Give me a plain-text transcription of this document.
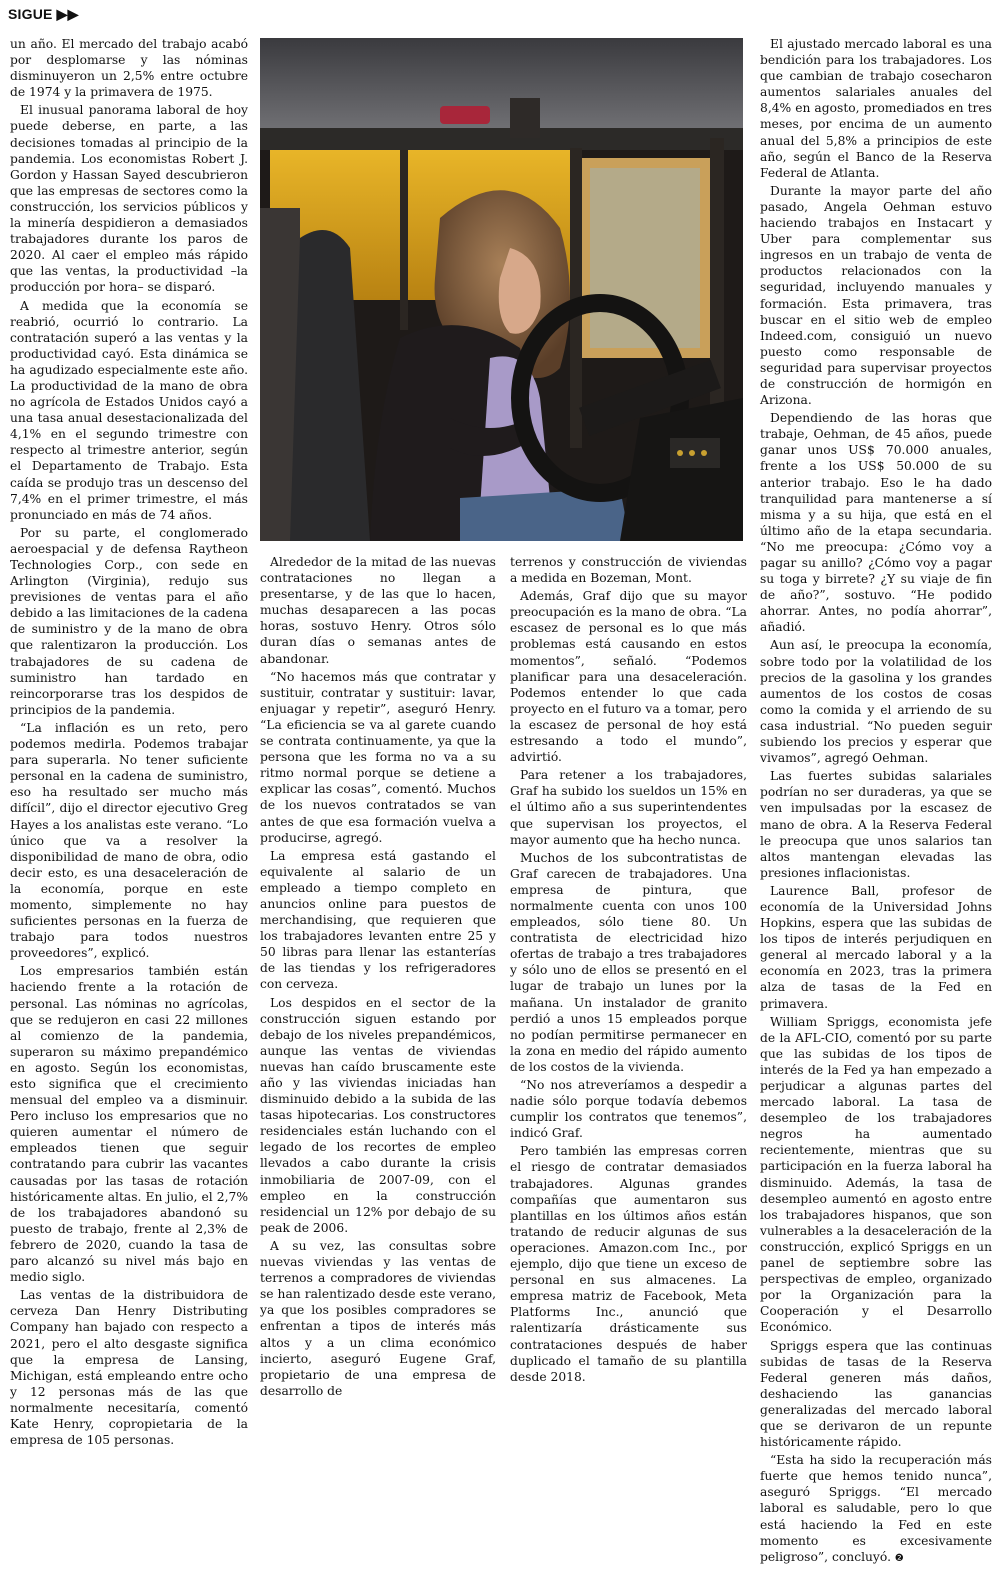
SIGUE ▶▶

un año. El mercado del trabajo acabó por desplomarse y las nóminas disminuyeron un 2,5% entre octubre de 1974 y la primavera de 1975.

El inusual panorama laboral de hoy puede deberse, en parte, a las decisiones tomadas al principio de la pandemia. Los economistas Robert J. Gordon y Hassan Sayed descubrieron que las empresas de sectores como la construcción, los servicios públicos y la minería despidieron a demasiados trabajadores durante los paros de 2020. Al caer el empleo más rápido que las ventas, la productividad –la producción por hora– se disparó.

A medida que la economía se reabrió, ocurrió lo contrario. La contratación superó a las ventas y la productividad cayó. Esta dinámica se ha agudizado especialmente este año. La productividad de la mano de obra no agrícola de Estados Unidos cayó a una tasa anual desestacionalizada del 4,1% en el segundo trimestre con respecto al trimestre anterior, según el Departamento de Trabajo. Esta caída se produjo tras un descenso del 7,4% en el primer trimestre, el más pronunciado en más de 74 años.

Por su parte, el conglomerado aeroespacial y de defensa Raytheon Technologies Corp., con sede en Arlington (Virginia), redujo sus previsiones de ventas para el año debido a las limitaciones de la cadena de suministro y de la mano de obra que ralentizaron la producción. Los trabajadores de su cadena de suministro han tardado en reincorporarse tras los despidos de principios de la pandemia.

“La inflación es un reto, pero podemos medirla. Podemos trabajar para superarla. No tener suficiente personal en la cadena de suministro, eso ha resultado ser mucho más difícil”, dijo el director ejecutivo Greg Hayes a los analistas este verano. “Lo único que va a resolver la disponibilidad de mano de obra, odio decir esto, es una desaceleración de la economía, porque en este momento, simplemente no hay suficientes personas en la fuerza de trabajo para todos nuestros proveedores”, explicó.

Los empresarios también están haciendo frente a la rotación de personal. Las nóminas no agrícolas, que se redujeron en casi 22 millones al comienzo de la pandemia, superaron su máximo prepandémico en agosto. Según los economistas, esto significa que el crecimiento mensual del empleo va a disminuir. Pero incluso los empresarios que no quieren aumentar el número de empleados tienen que seguir contratando para cubrir las vacantes causadas por las tasas de rotación históricamente altas. En julio, el 2,7% de los trabajadores abandonó su puesto de trabajo, frente al 2,3% de febrero de 2020, cuando la tasa de paro alcanzó su nivel más bajo en medio siglo.

Las ventas de la distribuidora de cerveza Dan Henry Distributing Company han bajado con respecto a 2021, pero el alto desgaste significa que la empresa de Lansing, Michigan, está empleando entre ocho y 12 personas más de las que normalmente necesitaría, comentó Kate Henry, copropietaria de la empresa de 105 personas.

Alrededor de la mitad de las nuevas contrataciones no llegan a presentarse, y de las que lo hacen, muchas desaparecen a las pocas horas, sostuvo Henry. Otros sólo duran días o semanas antes de abandonar.

“No hacemos más que contratar y sustituir, contratar y sustituir: lavar, enjuagar y repetir”, aseguró Henry. “La eficiencia se va al garete cuando se contrata continuamente, ya que la persona que les forma no va a su ritmo normal porque se detiene a explicar las cosas”, comentó. Muchos de los nuevos contratados se van antes de que esa formación vuelva a producirse, agregó.

La empresa está gastando el equivalente al salario de un empleado a tiempo completo en anuncios online para puestos de merchandising, que requieren que los trabajadores levanten entre 25 y 50 libras para llenar las estanterías de las tiendas y los refrigeradores con cerveza.

Los despidos en el sector de la construcción siguen estando por debajo de los niveles prepandémicos, aunque las ventas de viviendas nuevas han caído bruscamente este año y las viviendas iniciadas han disminuido debido a la subida de las tasas hipotecarias. Los constructores residenciales están luchando con el legado de los recortes de empleo llevados a cabo durante la crisis inmobiliaria de 2007-09, con el empleo en la construcción residencial un 12% por debajo de su peak de 2006.

A su vez, las consultas sobre nuevas viviendas y las ventas de terrenos a compradores de viviendas se han ralentizado desde este verano, ya que los posibles compradores se enfrentan a tipos de interés más altos y a un clima económico incierto, aseguró Eugene Graf, propietario de una empresa de desarrollo de

terrenos y construcción de viviendas a medida en Bozeman, Mont.

Además, Graf dijo que su mayor preocupación es la mano de obra. “La escasez de personal es lo que más problemas está causando en estos momentos”, señaló. “Podemos planificar para una desaceleración. Podemos entender lo que cada proyecto en el futuro va a tomar, pero la escasez de personal de hoy está estresando a todo el mundo”, advirtió.

Para retener a los trabajadores, Graf ha subido los sueldos un 15% en el último año a sus superintendentes que supervisan los proyectos, el mayor aumento que ha hecho nunca.

Muchos de los subcontratistas de Graf carecen de trabajadores. Una empresa de pintura, que normalmente cuenta con unos 100 empleados, sólo tiene 80. Un contratista de electricidad hizo ofertas de trabajo a tres trabajadores y sólo uno de ellos se presentó en el lugar de trabajo un lunes por la mañana. Un instalador de granito perdió a unos 15 empleados porque no podían permitirse permanecer en la zona en medio del rápido aumento de los costos de la vivienda.

“No nos atreveríamos a despedir a nadie sólo porque todavía debemos cumplir los contratos que tenemos”, indicó Graf.

Pero también las empresas corren el riesgo de contratar demasiados trabajadores. Algunas grandes compañías que aumentaron sus plantillas en los últimos años están tratando de reducir algunas de sus operaciones. Amazon.com Inc., por ejemplo, dijo que tiene un exceso de personal en sus almacenes. La empresa matriz de Facebook, Meta Platforms Inc., anunció que ralentizaría drásticamente sus contrataciones después de haber duplicado el tamaño de su plantilla desde 2018.

El ajustado mercado laboral es una bendición para los trabajadores. Los que cambian de trabajo cosecharon aumentos salariales anuales del 8,4% en agosto, promediados en tres meses, por encima de un aumento anual del 5,8% a principios de este año, según el Banco de la Reserva Federal de Atlanta.

Durante la mayor parte del año pasado, Angela Oehman estuvo haciendo trabajos en Instacart y Uber para complementar sus ingresos en un trabajo de venta de productos relacionados con la seguridad, incluyendo manuales y formación. Esta primavera, tras buscar en el sitio web de empleo Indeed.com, consiguió un nuevo puesto como responsable de seguridad para supervisar proyectos de construcción de hormigón en Arizona.

Dependiendo de las horas que trabaje, Oehman, de 45 años, puede ganar unos US$ 70.000 anuales, frente a los US$ 50.000 de su anterior trabajo. Eso le ha dado tranquilidad para mantenerse a sí misma y a su hija, que está en el último año de la etapa secundaria. “No me preocupa: ¿Cómo voy a pagar su anillo? ¿Cómo voy a pagar su toga y birrete? ¿Y su viaje de fin de año?”, sostuvo. “He podido ahorrar. Antes, no podía ahorrar”, añadió.

Aun así, le preocupa la economía, sobre todo por la volatilidad de los precios de la gasolina y los grandes aumentos de los costos de cosas como la comida y el arriendo de su casa industrial. “No pueden seguir subiendo los precios y esperar que vivamos”, agregó Oehman.

Las fuertes subidas salariales podrían no ser duraderas, ya que se ven impulsadas por la escasez de mano de obra. A la Reserva Federal le preocupa que unos salarios tan altos mantengan elevadas las presiones inflacionistas.

Laurence Ball, profesor de economía de la Universidad Johns Hopkins, espera que las subidas de los tipos de interés perjudiquen en general al mercado laboral y a la economía en 2023, tras la primera alza de tasas de la Fed en primavera.

William Spriggs, economista jefe de la AFL-CIO, comentó por su parte que las subidas de los tipos de interés de la Fed ya han empezado a perjudicar a algunas partes del mercado laboral. La tasa de desempleo de los trabajadores negros ha aumentado recientemente, mientras que su participación en la fuerza laboral ha disminuido. Además, la tasa de desempleo aumentó en agosto entre los trabajadores hispanos, que son vulnerables a la desaceleración de la construcción, explicó Spriggs en un panel de septiembre sobre las perspectivas de empleo, organizado por la Organización para la Cooperación y el Desarrollo Económico.

Spriggs espera que las continuas subidas de tasas de la Reserva Federal generen más daños, deshaciendo las ganancias generalizadas del mercado laboral que se derivaron de un repunte históricamente rápido.

“Esta ha sido la recuperación más fuerte que hemos tenido nunca”, aseguró Spriggs. “El mercado laboral es saludable, pero lo que está haciendo la Fed en este momento es excesivamente peligroso”, concluyó. ❷
